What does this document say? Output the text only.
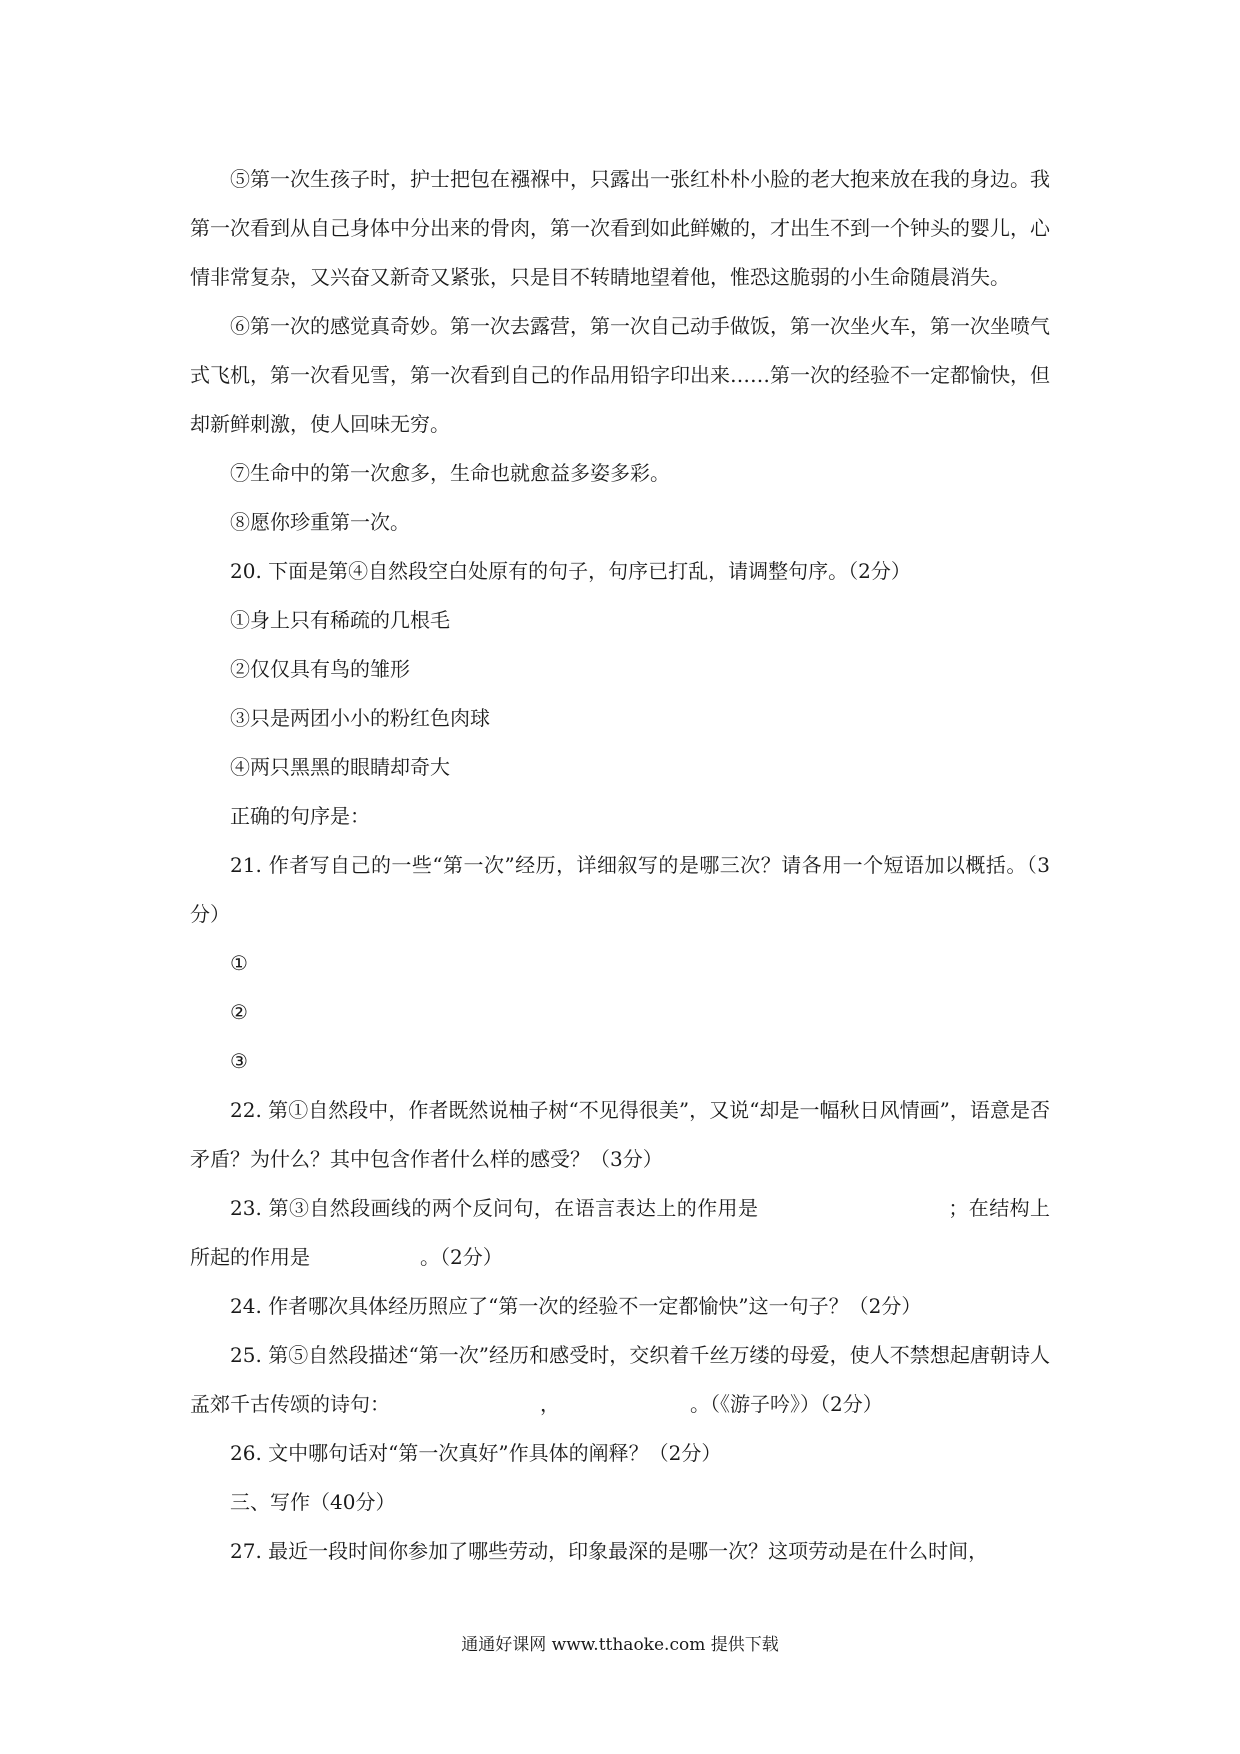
⑤第一次生孩子时，护士把包在襁褓中，只露出一张红朴朴小脸的老大抱来放在我的身边。我第一次看到从自己身体中分出来的骨肉，第一次看到如此鲜嫩的，才出生不到一个钟头的婴儿，心情非常复杂，又兴奋又新奇又紧张，只是目不转睛地望着他，惟恐这脆弱的小生命随晨消失。

⑥第一次的感觉真奇妙。第一次去露营，第一次自己动手做饭，第一次坐火车，第一次坐喷气式飞机，第一次看见雪，第一次看到自己的作品用铅字印出来……第一次的经验不一定都愉快，但却新鲜刺激，使人回味无穷。

⑦生命中的第一次愈多，生命也就愈益多姿多彩。

⑧愿你珍重第一次。

20. 下面是第④自然段空白处原有的句子，句序已打乱，请调整句序。（2分）

①身上只有稀疏的几根毛

②仅仅具有鸟的雏形

③只是两团小小的粉红色肉球

④两只黑黑的眼睛却奇大

正确的句序是：

21. 作者写自己的一些“第一次”经历，详细叙写的是哪三次？请各用一个短语加以概括。（3分）

①

②

③

22. 第①自然段中，作者既然说柚子树“不见得很美”，又说“却是一幅秋日风情画”，语意是否矛盾？为什么？其中包含作者什么样的感受？（3分）

23. 第③自然段画线的两个反问句，在语言表达上的作用是	；在结构上所起的作用是	。（2分）

24. 作者哪次具体经历照应了“第一次的经验不一定都愉快”这一句子？（2分）

25. 第⑤自然段描述“第一次”经历和感受时，交织着千丝万缕的母爱，使人不禁想起唐朝诗人孟郊千古传颂的诗句：	，	。（《游子吟》）（2分）

26. 文中哪句话对“第一次真好”作具体的阐释？（2分）

三、写作（40分）

27. 最近一段时间你参加了哪些劳动，印象最深的是哪一次？这项劳动是在什么时间，

通通好课网 www.tthaoke.com 提供下载
